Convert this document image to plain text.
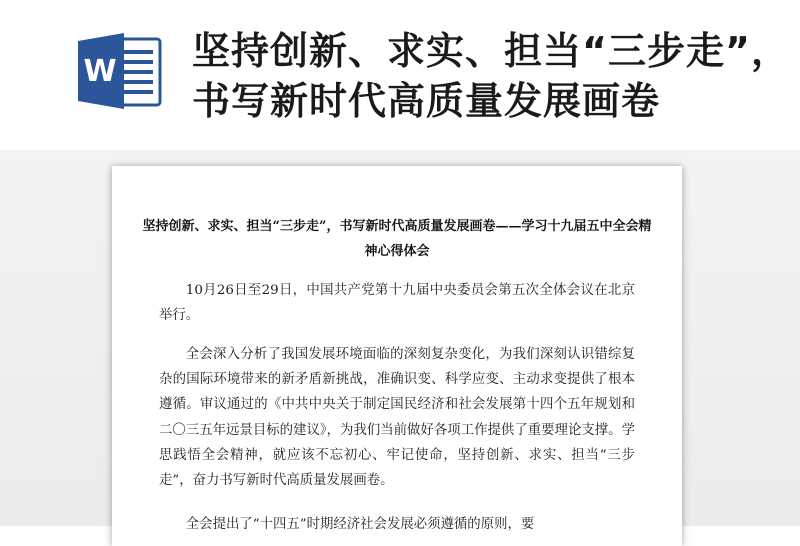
W 坚持创新、求实、担当“三步走”，书写新时代高质量发展画卷
坚持创新、求实、担当“三步走”，书写新时代高质量发展画卷——学习十九届五中全会精神心得体会
10月26日至29日，中国共产党第十九届中央委员会第五次全体会议在北京举行。
全会深入分析了我国发展环境面临的深刻复杂变化，为我们深刻认识错综复杂的国际环境带来的新矛盾新挑战，准确识变、科学应变、主动求变提供了根本遵循。审议通过的《中共中央关于制定国民经济和社会发展第十四个五年规划和二〇三五年远景目标的建议》，为我们当前做好各项工作提供了重要理论支撑。学思践悟全会精神，就应该不忘初心、牢记使命，坚持创新、求实、担当“三步走”，奋力书写新时代高质量发展画卷。
全会提出了“十四五”时期经济社会发展必须遵循的原则，要
